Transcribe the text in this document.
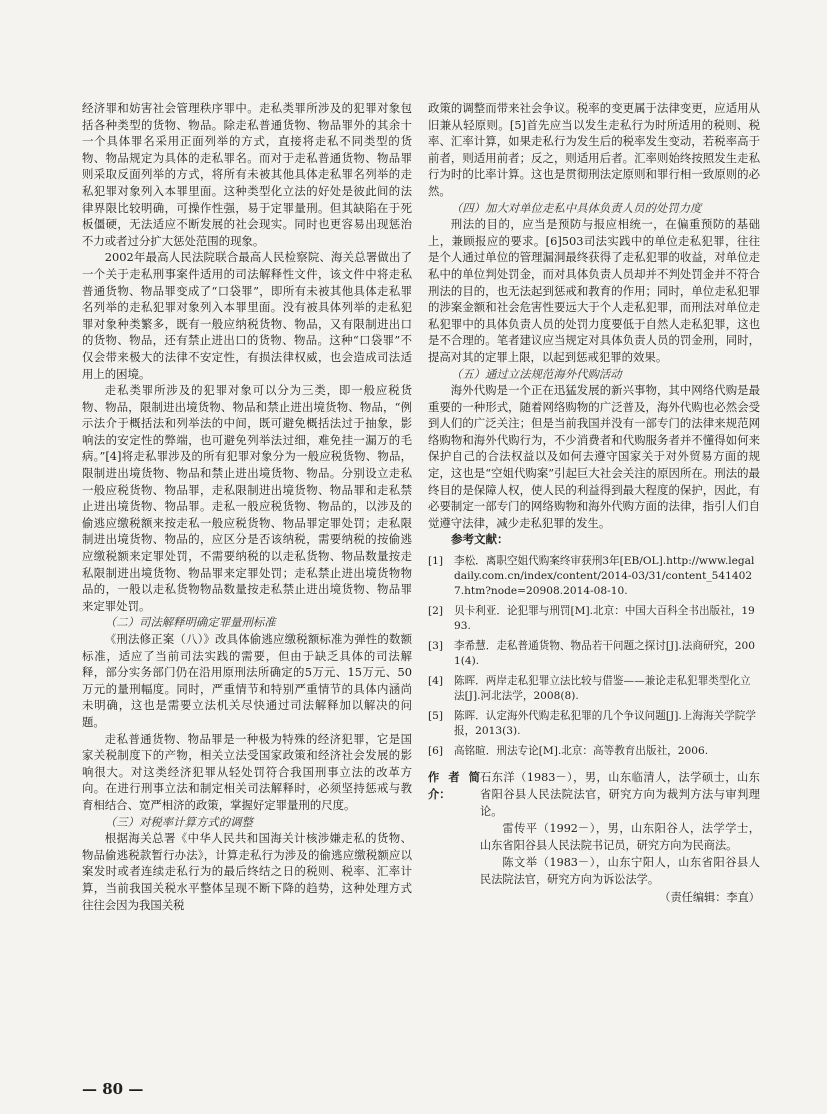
经济罪和妨害社会管理秩序罪中。走私类罪所涉及的犯罪对象包括各种类型的货物、物品。除走私普通货物、物品罪外的其余十一个具体罪名采用正面列举的方式，直接将走私不同类型的货物、物品规定为具体的走私罪名。而对于走私普通货物、物品罪则采取反面列举的方式，将所有未被其他具体走私罪名列举的走私犯罪对象列入本罪里面。这种类型化立法的好处是彼此间的法律界限比较明确，可操作性强，易于定罪量刑。但其缺陷在于死板僵硬，无法适应不断发展的社会现实。同时也更容易出现惩治不力或者过分扩大惩处范围的现象。

2002年最高人民法院联合最高人民检察院、海关总署做出了一个关于走私刑事案件适用的司法解释性文件，该文件中将走私普通货物、物品罪变成了“口袋罪”，即所有未被其他具体走私罪名列举的走私犯罪对象列入本罪里面。没有被具体列举的走私犯罪对象种类繁多，既有一般应纳税货物、物品，又有限制进出口的货物、物品，还有禁止进出口的货物、物品。这种“口袋罪”不仅会带来极大的法律不安定性，有损法律权威，也会造成司法适用上的困境。

走私类罪所涉及的犯罪对象可以分为三类，即一般应税货物、物品，限制进出境货物、物品和禁止进出境货物、物品，“例示法介于概括法和列举法的中间，既可避免概括法过于抽象，影响法的安定性的弊端，也可避免列举法过细，难免挂一漏万的毛病。”[4]将走私罪涉及的所有犯罪对象分为一般应税货物、物品，限制进出境货物、物品和禁止进出境货物、物品。分别设立走私一般应税货物、物品罪，走私限制进出境货物、物品罪和走私禁止进出境货物、物品罪。走私一般应税货物、物品的，以涉及的偷逃应缴税额来按走私一般应税货物、物品罪定罪处罚；走私限制进出境货物、物品的，应区分是否该纳税，需要纳税的按偷逃应缴税额来定罪处罚，不需要纳税的以走私货物、物品数量按走私限制进出境货物、物品罪来定罪处罚；走私禁止进出境货物物品的，一般以走私货物物品数量按走私禁止进出境货物、物品罪来定罪处罚。

（二）司法解释明确定罪量刑标准

《刑法修正案（八）》改具体偷逃应缴税额标准为弹性的数额标准，适应了当前司法实践的需要，但由于缺乏具体的司法解释，部分实务部门仍在沿用原刑法所确定的5万元、15万元、50万元的量刑幅度。同时，严重情节和特别严重情节的具体内涵尚未明确，这也是需要立法机关尽快通过司法解释加以解决的问题。

走私普通货物、物品罪是一种极为特殊的经济犯罪，它是国家关税制度下的产物，相关立法受国家政策和经济社会发展的影响很大。对这类经济犯罪从轻处罚符合我国刑事立法的改革方向。在进行刑事立法和制定相关司法解释时，必须坚持惩戒与教育相结合、宽严相济的政策，掌握好定罪量刑的尺度。

（三）对税率计算方式的调整

根据海关总署《中华人民共和国海关计核涉嫌走私的货物、物品偷逃税款暂行办法》，计算走私行为涉及的偷逃应缴税额应以案发时或者连续走私行为的最后终结之日的税则、税率、汇率计算，当前我国关税水平整体呈现不断下降的趋势，这种处理方式往往会因为我国关税

政策的调整而带来社会争议。税率的变更属于法律变更，应适用从旧兼从轻原则。[5]首先应当以发生走私行为时所适用的税则、税率、汇率计算，如果走私行为发生后的税率发生变动，若税率高于前者，则适用前者；反之，则适用后者。汇率则始终按照发生走私行为时的比率计算。这也是贯彻刑法定原则和罪行相一致原则的必然。

（四）加大对单位走私中具体负责人员的处罚力度

刑法的目的，应当是预防与报应相统一，在偏重预防的基础上，兼顾报应的要求。[6]503司法实践中的单位走私犯罪，往往是个人通过单位的管理漏洞最终获得了走私犯罪的收益，对单位走私中的单位判处罚金，而对具体负责人员却并不判处罚金并不符合刑法的目的，也无法起到惩戒和教育的作用；同时，单位走私犯罪的涉案金额和社会危害性要远大于个人走私犯罪，而刑法对单位走私犯罪中的具体负责人员的处罚力度要低于自然人走私犯罪，这也是不合理的。笔者建议应当规定对具体负责人员的罚金刑，同时，提高对其的定罪上限，以起到惩戒犯罪的效果。

（五）通过立法规范海外代购活动

海外代购是一个正在迅猛发展的新兴事物，其中网络代购是最重要的一种形式，随着网络购物的广泛普及，海外代购也必然会受到人们的广泛关注；但是当前我国并没有一部专门的法律来规范网络购物和海外代购行为，不少消费者和代购服务者并不懂得如何来保护自己的合法权益以及如何去遵守国家关于对外贸易方面的规定，这也是“空姐代购案”引起巨大社会关注的原因所在。刑法的最终目的是保障人权，使人民的利益得到最大程度的保护，因此，有必要制定一部专门的网络购物和海外代购方面的法律，指引人们自觉遵守法律，减少走私犯罪的发生。

参考文献：

[1]	李松．离职空姐代购案终审获刑3年[EB/OL].http://www.legaldaily.com.cn/index/content/2014-03/31/content_5414027.htm?node=20908.2014-08-10.
[2]	贝卡利亚．论犯罪与刑罚[M].北京：中国大百科全书出版社，1993.
[3]	李希慧．走私普通货物、物品若干问题之探讨[J].法商研究，2001(4).
[4]	陈晖．两岸走私犯罪立法比较与借鉴——兼论走私犯罪类型化立法[J].河北法学，2008(8).
[5]	陈晖．认定海外代购走私犯罪的几个争议问题[J].上海海关学院学报，2013(3).
[6]	高铭暄．刑法专论[M].北京：高等教育出版社，2006.
作者简介：

石东洋（1983－），男，山东临清人，法学硕士，山东省阳谷县人民法院法官，研究方向为裁判方法与审判理论。

雷传平（1992－），男，山东阳谷人，法学学士，山东省阳谷县人民法院书记员，研究方向为民商法。

陈文举（1983－），山东宁阳人，山东省阳谷县人民法院法官，研究方向为诉讼法学。

（责任编辑：李直）
— 80 —
